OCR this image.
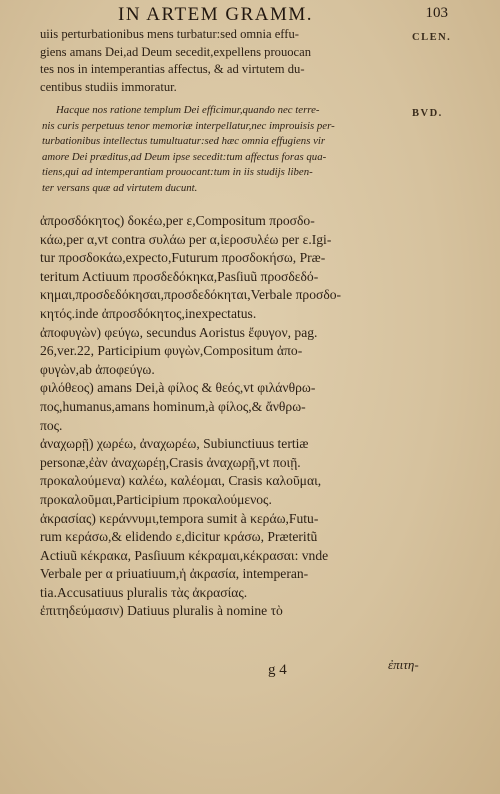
IN ARTEM GRAMM.	103
CLEN.
BVD.
uiis perturbationibus mens turbatur:sed omnia effu-
giens amans Dei,ad Deum secedit,expellens prouocan
tes nos in intemperantias affectus, & ad virtutem du-
centibus studiis immoratur.
Hacque nos ratione templum Dei efficimur,quando nec terre-
nis curis perpetuus tenor memoriæ interpellatur,nec improuisis per-
turbationibus intellectus tumultuatur:sed hæc omnia effugiens vir
amore Dei præditus,ad Deum ipse secedit:tum affectus foras qua-
tiens,qui ad intemperantiam prouocant:tum in iis studijs liben-
ter versans quæ ad virtutem ducunt.
ἀπροσδόκητος) δοκέω,per ε,Compositum προσδο-
κάω,per α,vt contra συλάω per α,ἱεροσυλέω per ε.Igi-
tur προσδοκάω,expecto,Futurum προσδοκήσω, Præ-
teritum Actiuum προσδεδόκηκα,Pasſiuũ προσδεδό-
κημαι,προσδεδόκησαι,προσδεδόκηται,Verbale προσδο-
κητός.inde ἀπροσδόκητος,inexpectatus.
ἀποφυγὼν) φεύγω, secundus Aoristus ἔφυγον, pag.
26,ver.22, Participium φυγὼν,Compositum ἀπο-
φυγὼν,ab ἀποφεύγω.
φιλόθεος) amans Dei,à φίλος & θεός,vt φιλάνθρω-
πος,humanus,amans hominum,à φίλος,& ἄνθρω-
πος.
ἀναχωρῇ) χωρέω, ἀναχωρέω, Subiunctiuus tertiæ
personæ,ἐὰν ἀναχωρέῃ,Crasis ἀναχωρῇ,vt ποιῇ.
προκαλούμενα) καλέω, καλέομαι, Crasis καλοῦμαι,
προκαλοῦμαι,Participium προκαλούμενος.
ἀκρασίας) κεράννυμι,tempora sumit à κεράω,Futu-
rum κεράσω,& elidendo ε,dicitur κράσω, Præteritũ
Actiuũ κέκρακα, Pasſiuum κέκραμαι,κέκρασαι: vnde
Verbale per α priuatiuum,ἡ ἀκρασία, intemperan-
tia.Accusatiuus pluralis τὰς ἀκρασίας.
ἐπιτηδεύμασιν) Datiuus pluralis à nomine τὸ
g 4	ἐπιτη-
